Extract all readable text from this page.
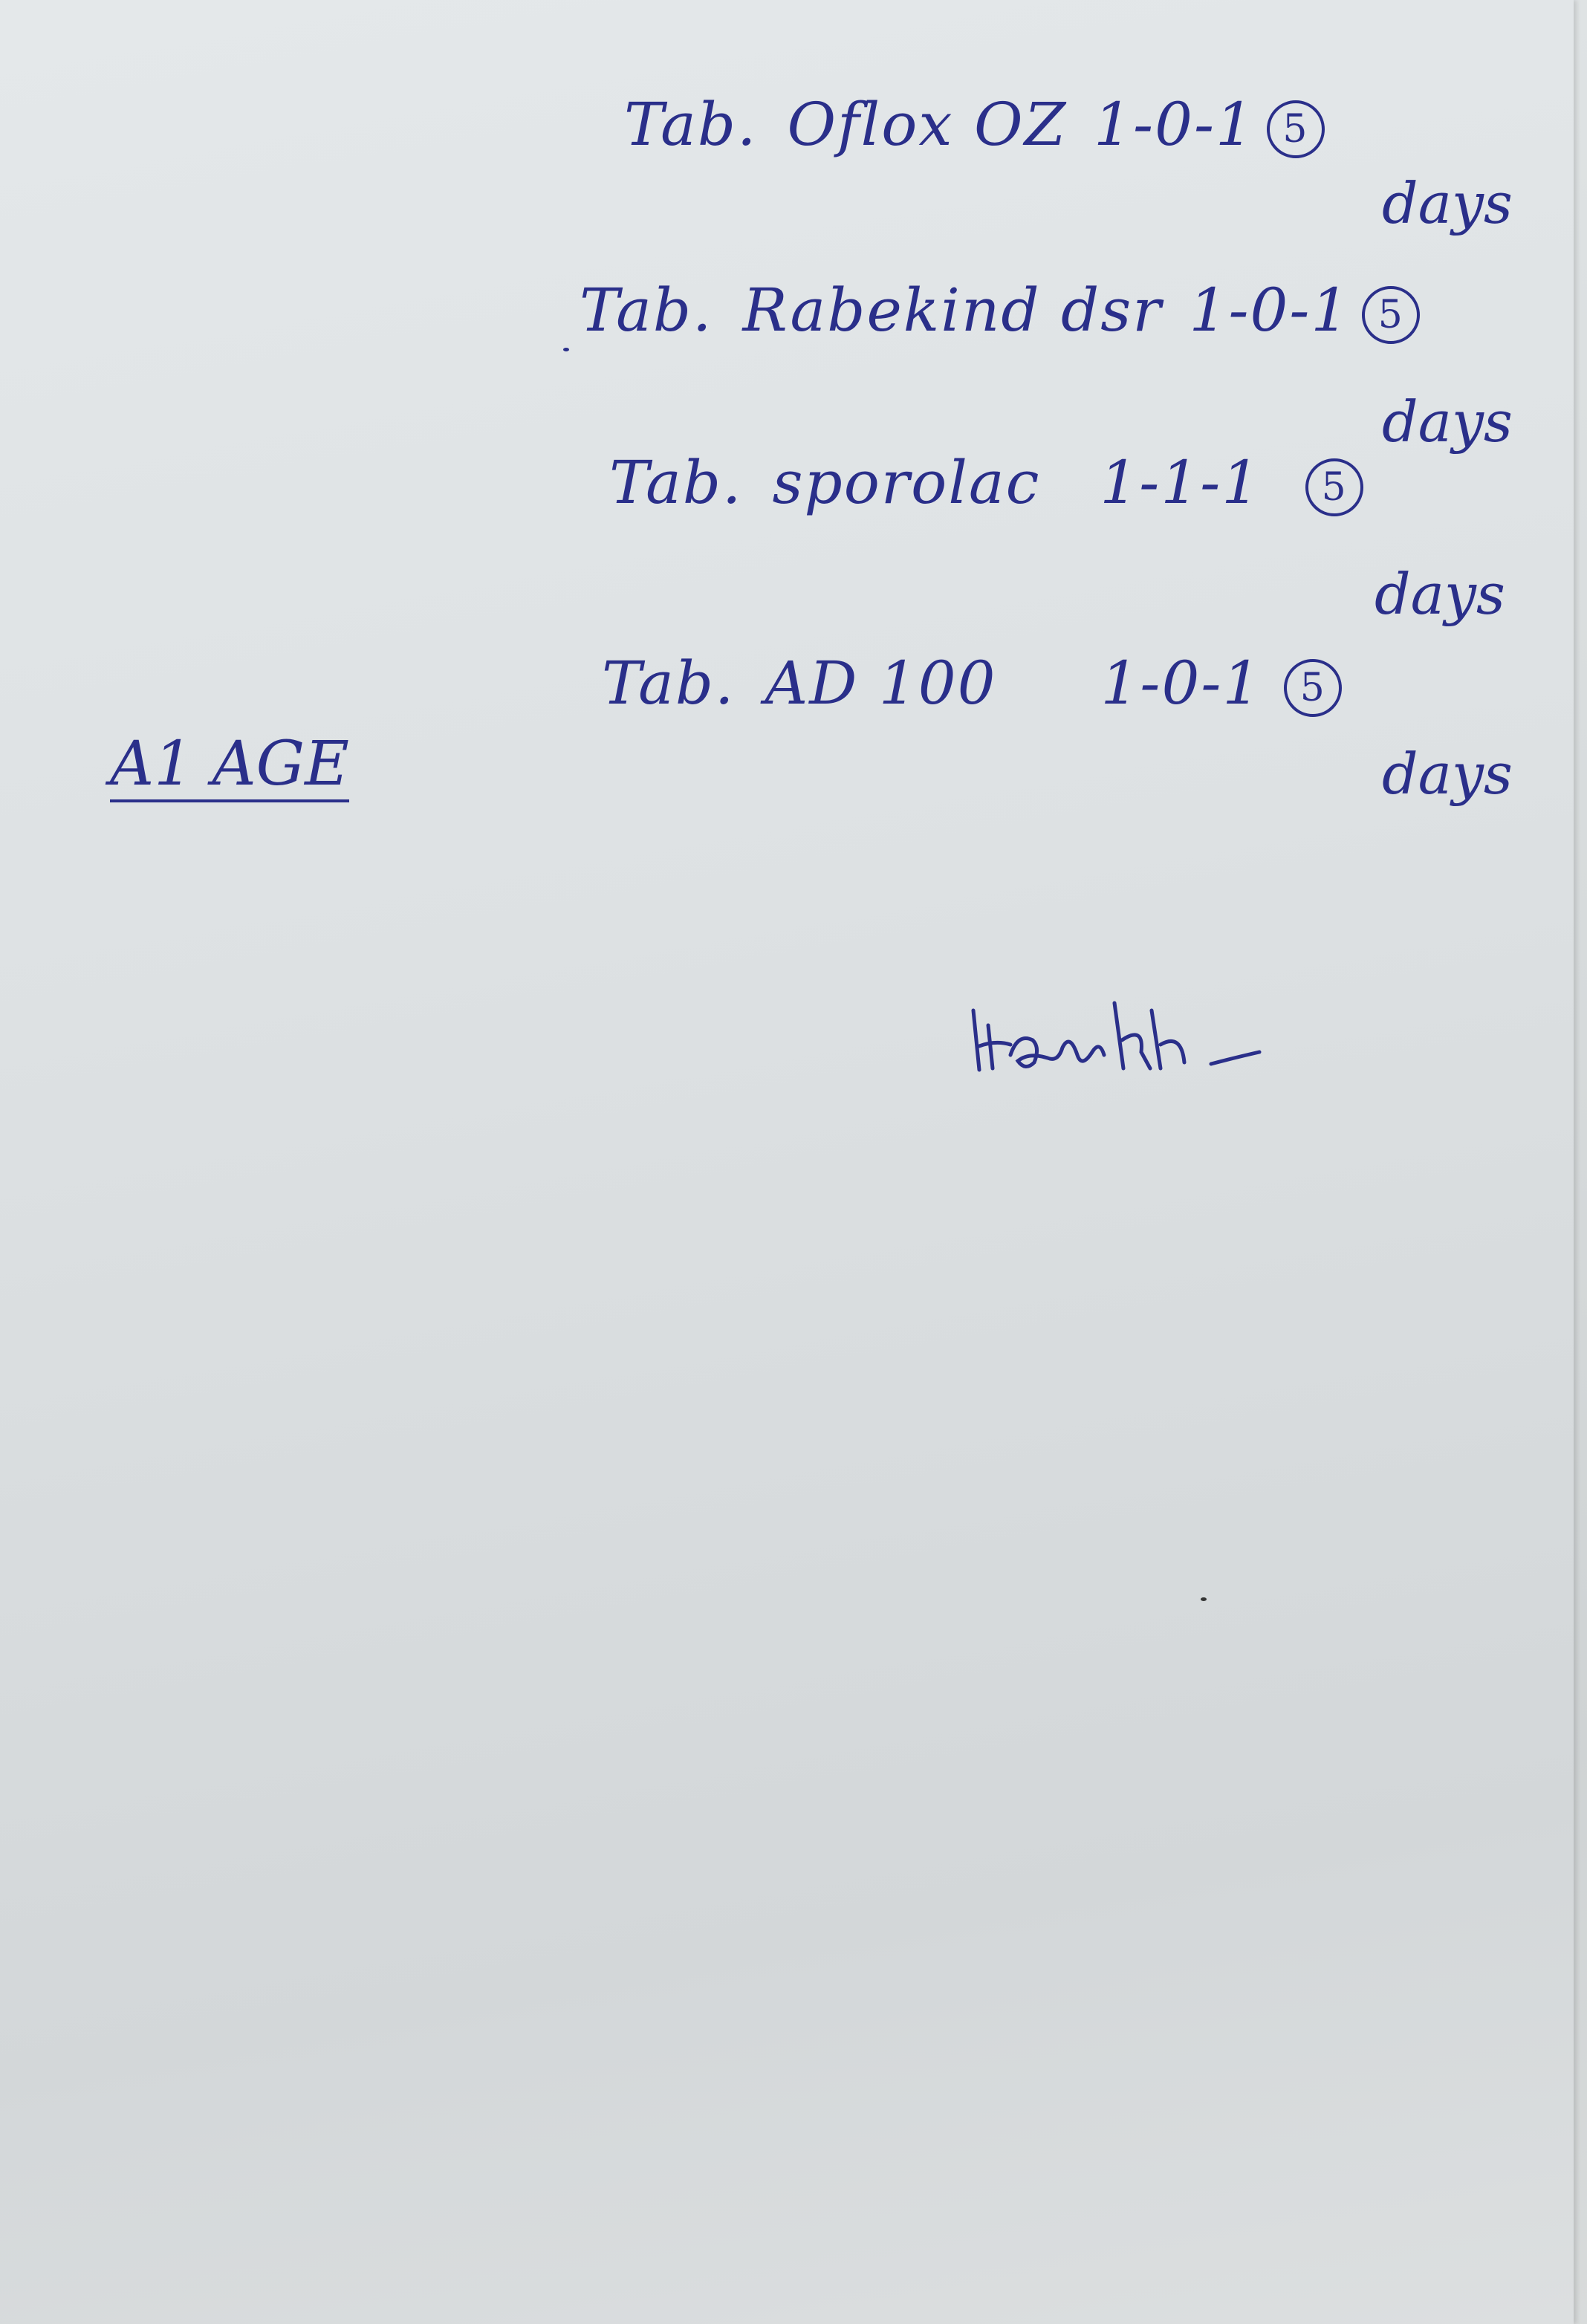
Tab. Oflox OZ 1-0-1 5
days
Tab. Rabekind dsr 1-0-1 5
days
Tab. sporolac 1-1-1 5
days
Tab. AD 100 1-0-1 5
days
A1 AGE
